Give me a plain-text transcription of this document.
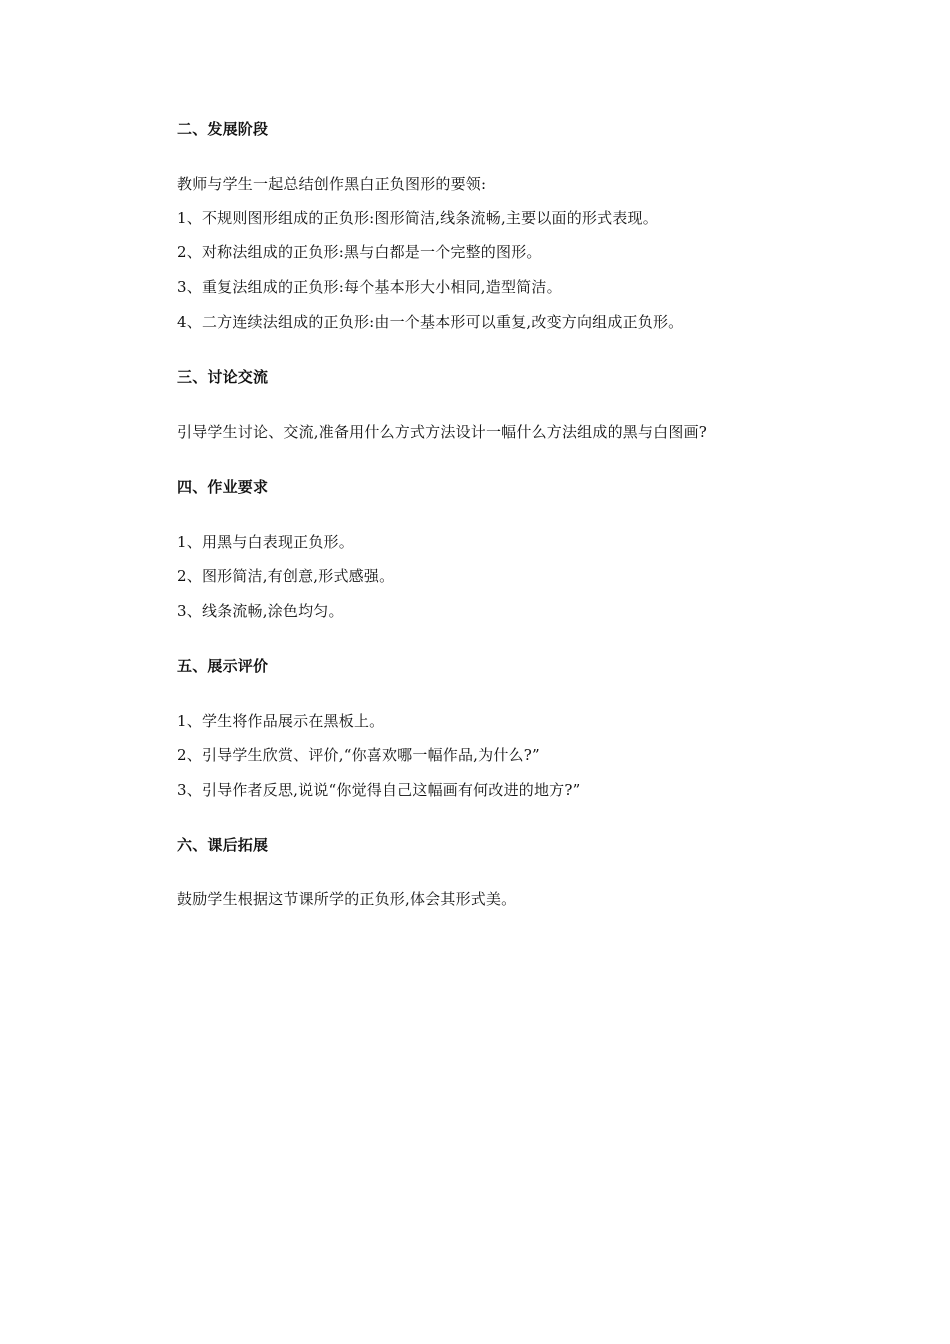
二、发展阶段
教师与学生一起总结创作黑白正负图形的要领:
1、不规则图形组成的正负形:图形简洁,线条流畅,主要以面的形式表现。
2、对称法组成的正负形:黑与白都是一个完整的图形。
3、重复法组成的正负形:每个基本形大小相同,造型简洁。
4、二方连续法组成的正负形:由一个基本形可以重复,改变方向组成正负形。
三、讨论交流
引导学生讨论、交流,准备用什么方式方法设计一幅什么方法组成的黑与白图画?
四、作业要求
1、用黑与白表现正负形。
2、图形简洁,有创意,形式感强。
3、线条流畅,涂色均匀。
五、展示评价
1、学生将作品展示在黑板上。
2、引导学生欣赏、评价,“你喜欢哪一幅作品,为什么?”
3、引导作者反思,说说“你觉得自己这幅画有何改进的地方?”
六、课后拓展
鼓励学生根据这节课所学的正负形,体会其形式美。
